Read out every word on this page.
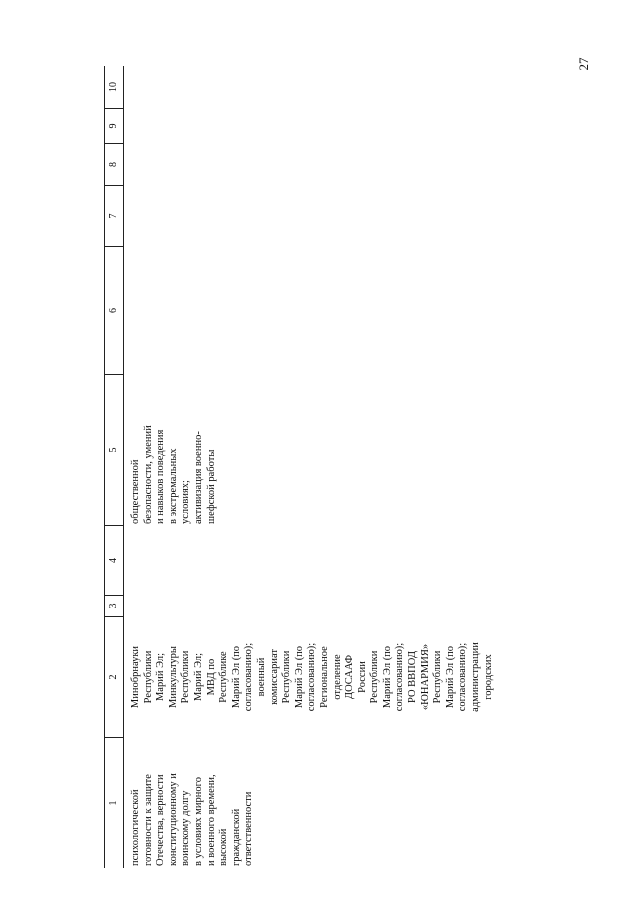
27
1
2
3
4
5
6
7
8
9
10
психологической
готовности к защите
Отечества, верности
конституционному и
воинскому долгу
в условиях мирного
и военного времени,
высокой
гражданской
ответственности
Минобрнауки
Республики
Марий Эл;
Минкультуры
Республики
Марий Эл;
МВД по
Республике
Марий Эл (по
согласованию);
военный
комиссариат
Республики
Марий Эл (по
согласованию);
Региональное
отделение
ДОСААФ
России
Республики
Марий Эл (по
согласованию);
РО ВВПОД
«ЮНАРМИЯ»
Республики
Марий Эл (по
согласованию);
администрации
городских
общественной
безопасности, умений
и навыков поведения
в экстремальных
условиях;
активизация военно-
шефской работы
